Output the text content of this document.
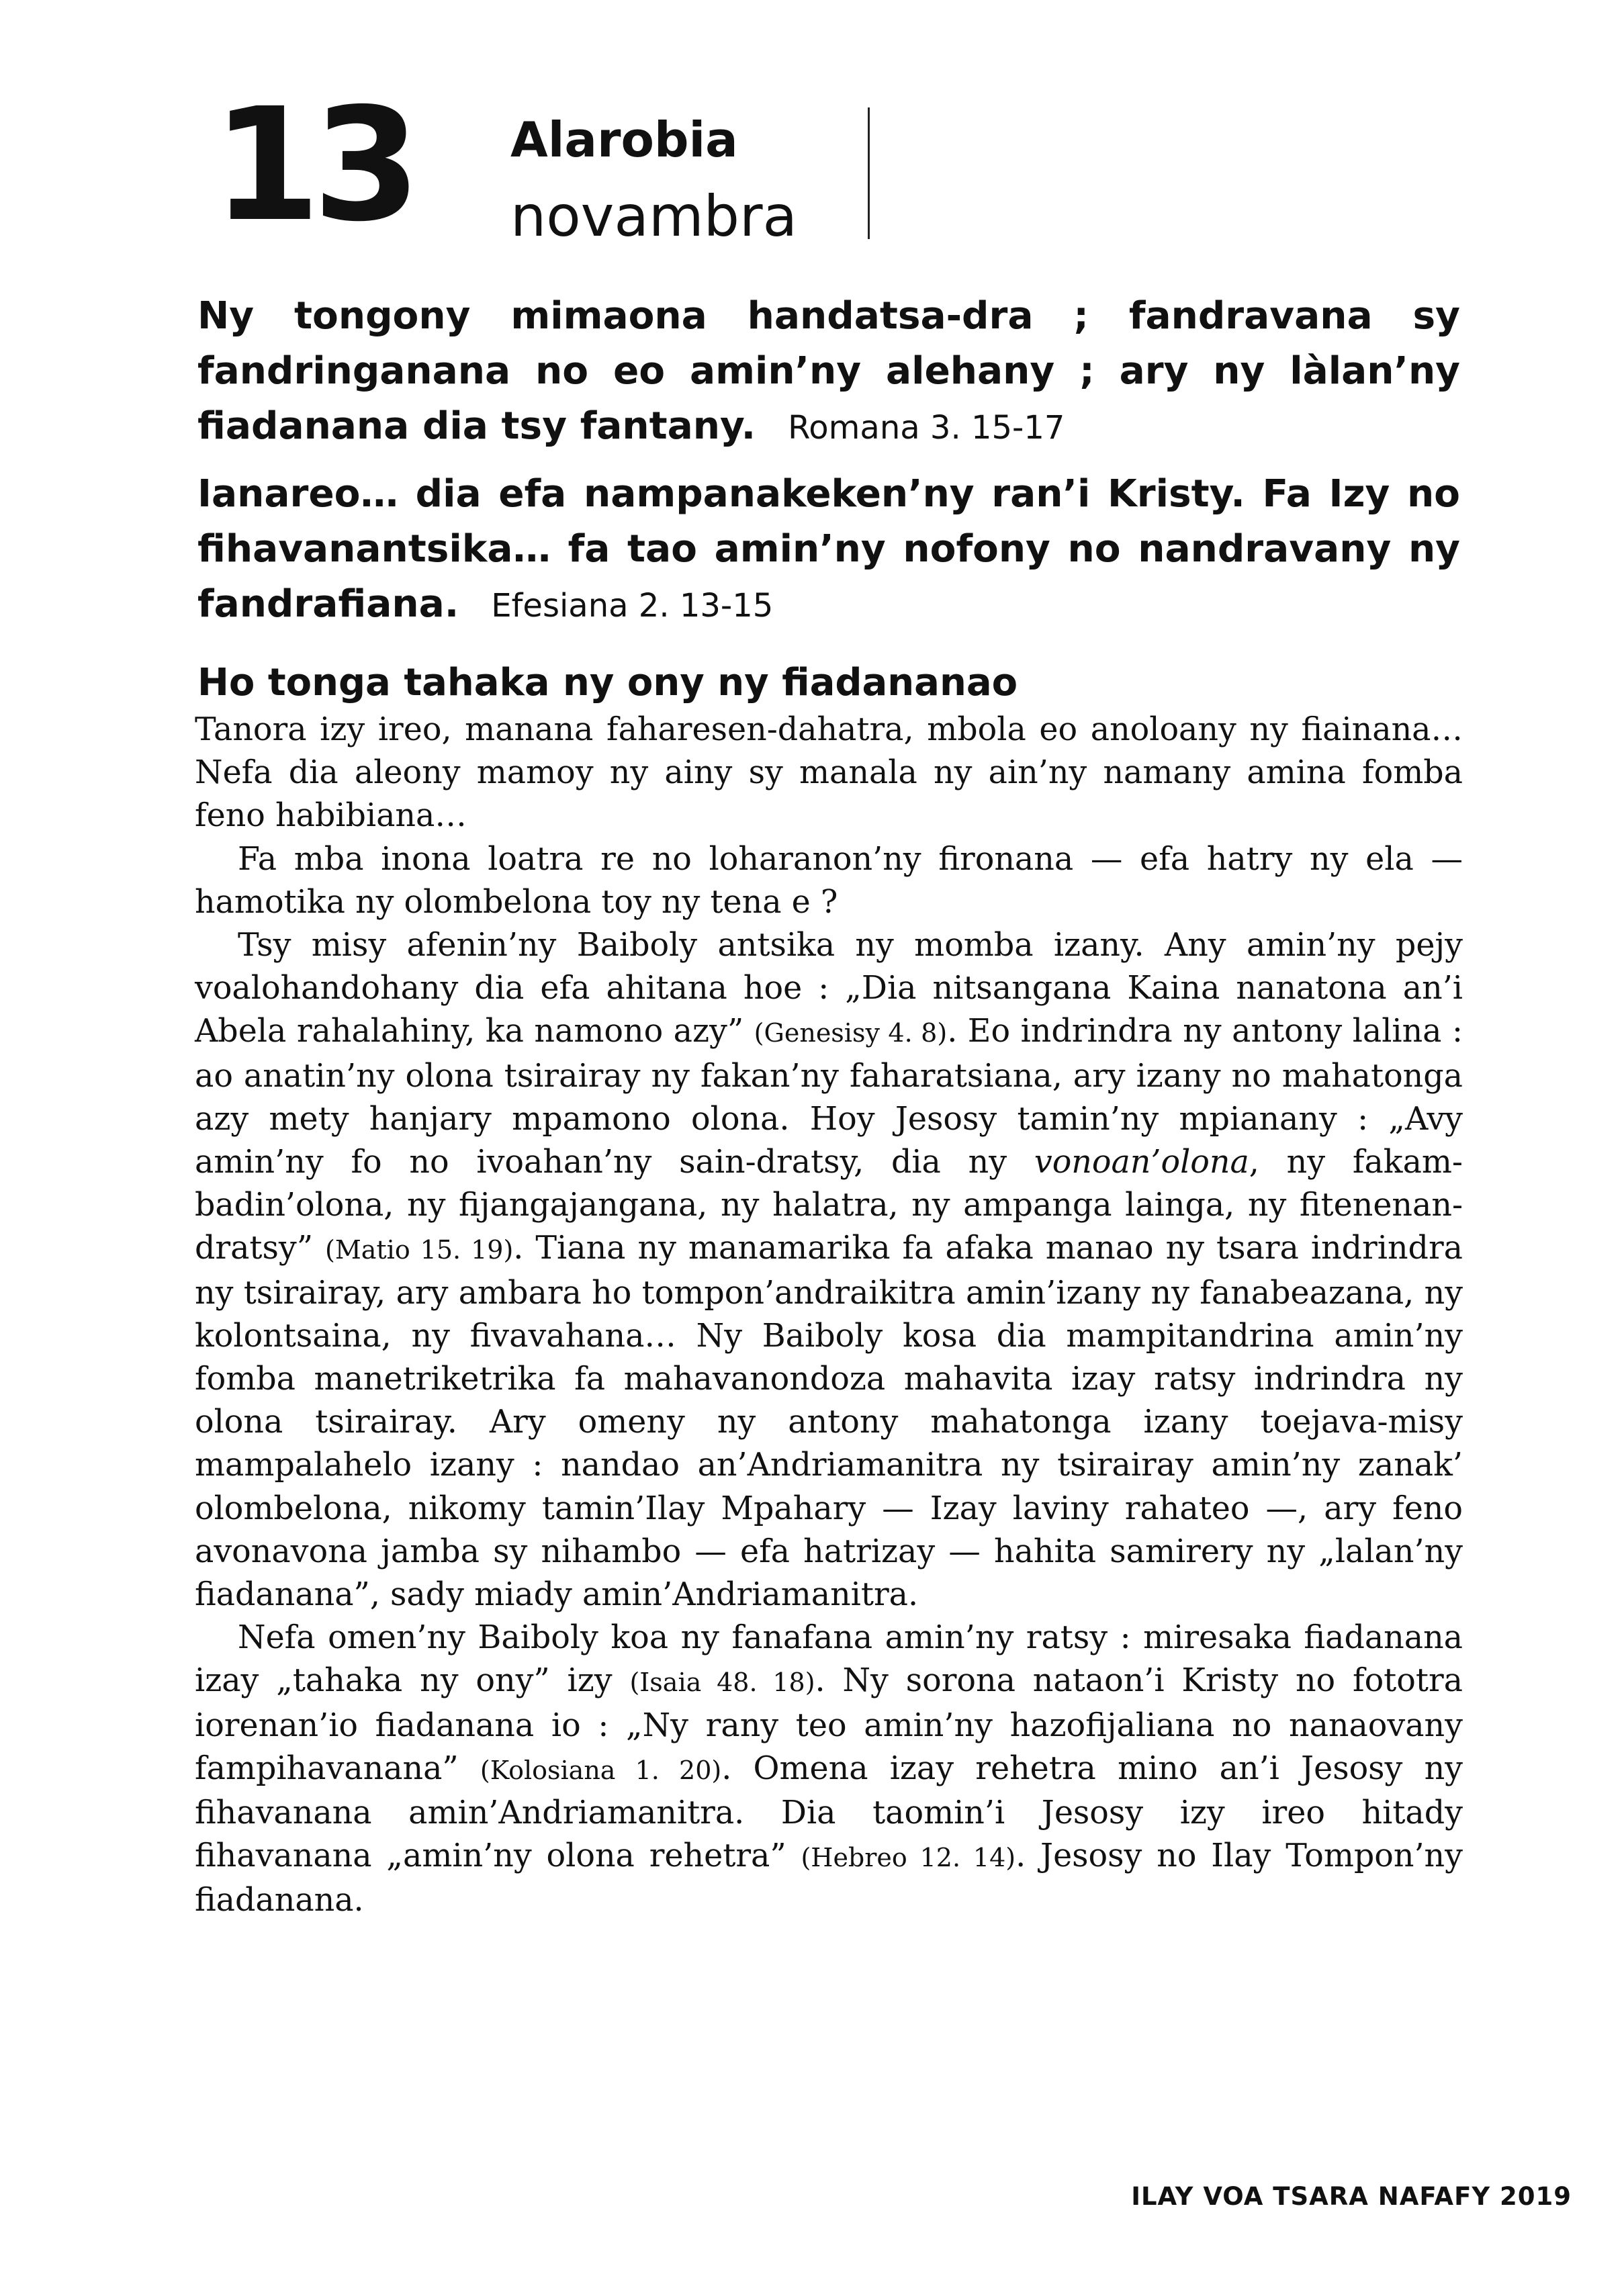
13 Alarobia
novambra
Ny tongony mimaona handatsa-dra ; fandravana sy fandringanana no eo amin’ny alehany ; ary ny làlan’ny fiadanana dia tsy fantany. Romana 3. 15-17
Ianareo… dia efa nampanakeken’ny ran’i Kristy. Fa Izy no fihavanantsika… fa tao amin’ny nofony no nandravany ny fandrafiana. Efesiana 2. 13-15
Ho tonga tahaka ny ony ny fiadananao

Tanora izy ireo, manana faharesen-dahatra, mbola eo anoloany ny fiainana… Nefa dia aleony mamoy ny ainy sy manala ny ain’ny namany amina fomba feno habibiana…

Fa mba inona loatra re no loharanon’ny fironana — efa hatry ny ela — hamotika ny olombelona toy ny tena e ?

Tsy misy afenin’ny Baiboly antsika ny momba izany. Any amin’ny pejy voalohandohany dia efa ahitana hoe : „Dia nitsangana Kaina nanatona an’i Abela rahalahiny, ka namono azy” (Genesisy 4. 8). Eo indrindra ny antony lalina : ao anatin’ny olona tsirairay ny fakan’ny faharatsiana, ary izany no mahatonga azy mety hanjary mpamono olona. Hoy Jesosy tamin’ny mpianany : „Avy amin’ny fo no ivoahan’ny sain-dratsy, dia ny vonoan’olona, ny fakam-badin’olona, ny fijangajangana, ny halatra, ny ampanga lainga, ny fitenenan-dratsy” (Matio 15. 19). Tiana ny manamarika fa afaka manao ny tsara indrindra ny tsirairay, ary ambara ho tompon’andraikitra amin’izany ny fanabeazana, ny kolontsaina, ny fivavahana… Ny Baiboly kosa dia mampitandrina amin’ny fomba manetriketrika fa mahavanondoza mahavita izay ratsy indrindra ny olona tsirairay. Ary omeny ny antony mahatonga izany toejava-misy mampalahelo izany : nandao an’Andriamanitra ny tsirairay amin’ny zanak’ olombelona, nikomy tamin’Ilay Mpahary — Izay laviny rahateo —, ary feno avonavona jamba sy nihambo — efa hatrizay — hahita samirery ny „lalan’ny fiadanana”, sady miady amin’Andriamanitra.

Nefa omen’ny Baiboly koa ny fanafana amin’ny ratsy : miresaka fiadanana izay „tahaka ny ony” izy (Isaia 48. 18). Ny sorona nataon’i Kristy no fototra iorenan’io fiadanana io : „Ny rany teo amin’ny hazofijaliana no nanaovany fampihavanana” (Kolosiana 1. 20). Omena izay rehetra mino an’i Jesosy ny fihavanana amin’Andriamanitra. Dia taomin’i Jesosy izy ireo hitady fihavanana „amin’ny olona rehetra” (Hebreo 12. 14). Jesosy no Ilay Tompon’ny fiadanana.

ILAY VOA TSARA NAFAFY 2019
